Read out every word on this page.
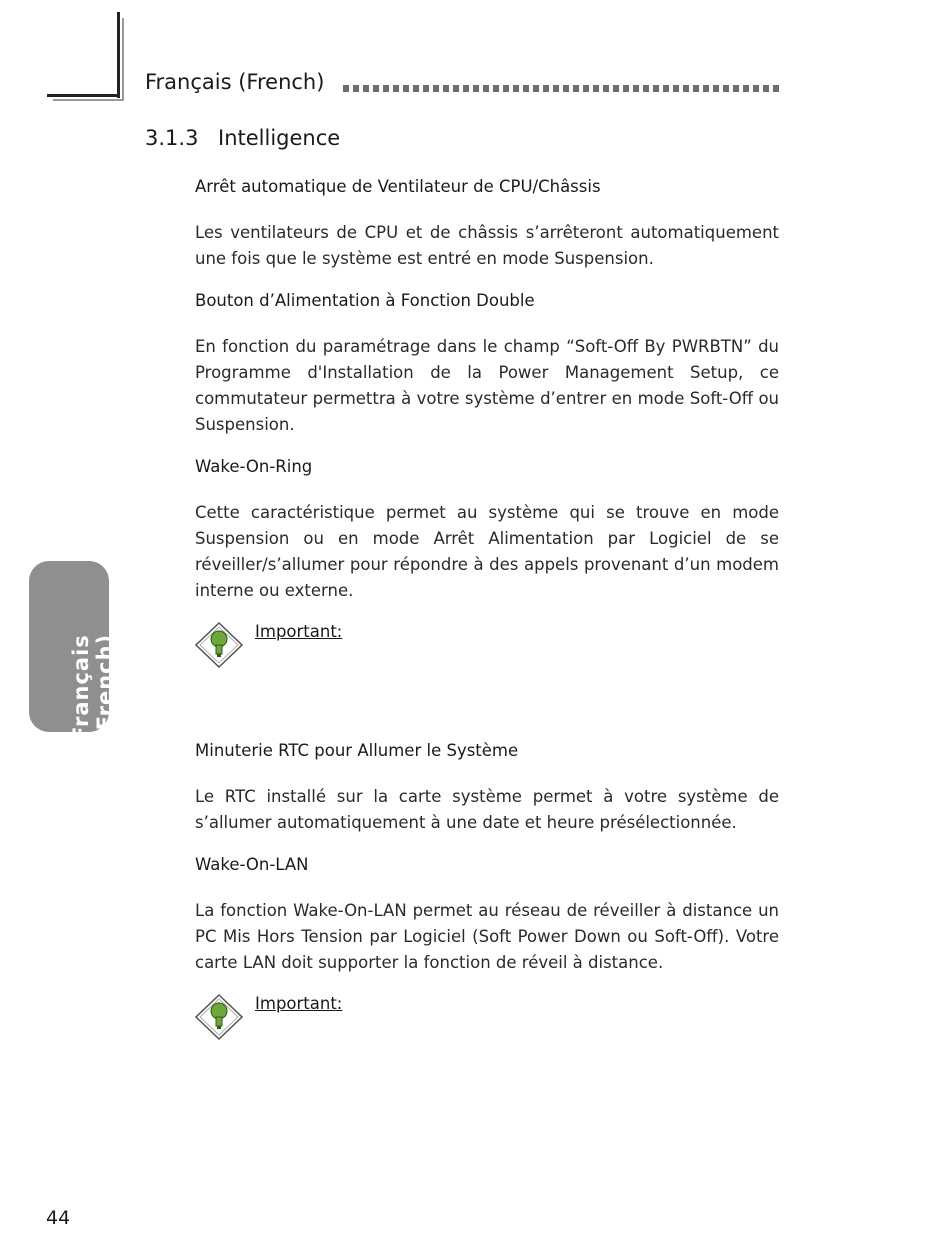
Français (French)
3.1.3 Intelligence
Arrêt automatique de Ventilateur de CPU/Châssis
Les ventilateurs de CPU et de châssis s’arrêteront automatiquement une fois que le système est entré en mode Suspension.
Bouton d’Alimentation à Fonction Double
En fonction du paramétrage dans le champ “Soft-Off By PWRBTN” du Programme d'Installation de la Power Management Setup, ce commutateur permettra à votre système d’entrer en mode Soft-Off ou Suspension.
Wake-On-Ring
Cette caractéristique permet au système qui se trouve en mode Suspension ou en mode Arrêt Alimentation par Logiciel de se réveiller/s’allumer pour répondre à des appels provenant d’un modem interne ou externe.
Important:
Minuterie RTC pour Allumer le Système
Le RTC installé sur la carte système permet à votre système de s’allumer automatiquement à une date et heure présélectionnée.
Wake-On-LAN
La fonction Wake-On-LAN permet au réseau de réveiller à distance un PC Mis Hors Tension par Logiciel (Soft Power Down ou Soft-Off). Votre carte LAN doit supporter la fonction de réveil à distance.
Important:
Français (French)
44
